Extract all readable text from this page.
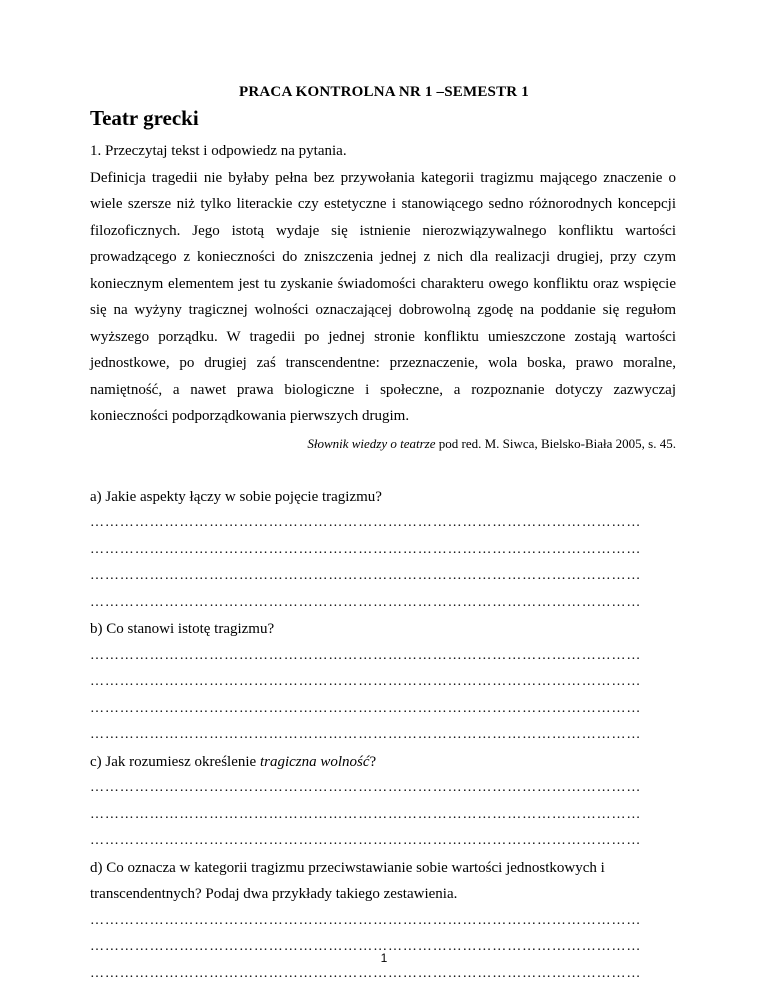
PRACA KONTROLNA NR 1 –SEMESTR 1
Teatr grecki

1. Przeczytaj tekst i odpowiedz na pytania.

Definicja tragedii nie byłaby pełna bez przywołania kategorii tragizmu mającego znaczenie o wiele szersze niż tylko literackie czy estetyczne i stanowiącego sedno różnorodnych koncepcji filozoficznych. Jego istotą wydaje się istnienie nierozwiązywalnego konfliktu wartości prowadzącego z konieczności do zniszczenia jednej z nich dla realizacji drugiej, przy czym koniecznym elementem jest tu zyskanie świadomości charakteru owego konfliktu oraz wspięcie się na wyżyny tragicznej wolności oznaczającej dobrowolną zgodę na poddanie się regułom wyższego porządku. W tragedii po jednej stronie konfliktu umieszczone zostają wartości jednostkowe, po drugiej zaś transcendentne: przeznaczenie, wola boska, prawo moralne, namiętność, a nawet prawa biologiczne i społeczne, a rozpoznanie dotyczy zazwyczaj konieczności podporządkowania pierwszych drugim.

Słownik wiedzy o teatrze pod red. M. Siwca, Bielsko-Biała 2005, s. 45.

a) Jakie aspekty łączy w sobie pojęcie tragizmu?

…………………………………………………………………………………………………

…………………………………………………………………………………………………

…………………………………………………………………………………………………

…………………………………………………………………………………………………

b) Co stanowi istotę tragizmu?

…………………………………………………………………………………………………

…………………………………………………………………………………………………

…………………………………………………………………………………………………

…………………………………………………………………………………………………

c) Jak rozumiesz określenie tragiczna wolność?

…………………………………………………………………………………………………

…………………………………………………………………………………………………

…………………………………………………………………………………………………

d) Co oznacza w kategorii tragizmu przeciwstawianie sobie wartości jednostkowych i

transcendentnych? Podaj dwa przykłady takiego zestawienia.

…………………………………………………………………………………………………

…………………………………………………………………………………………………

…………………………………………………………………………………………………

1
